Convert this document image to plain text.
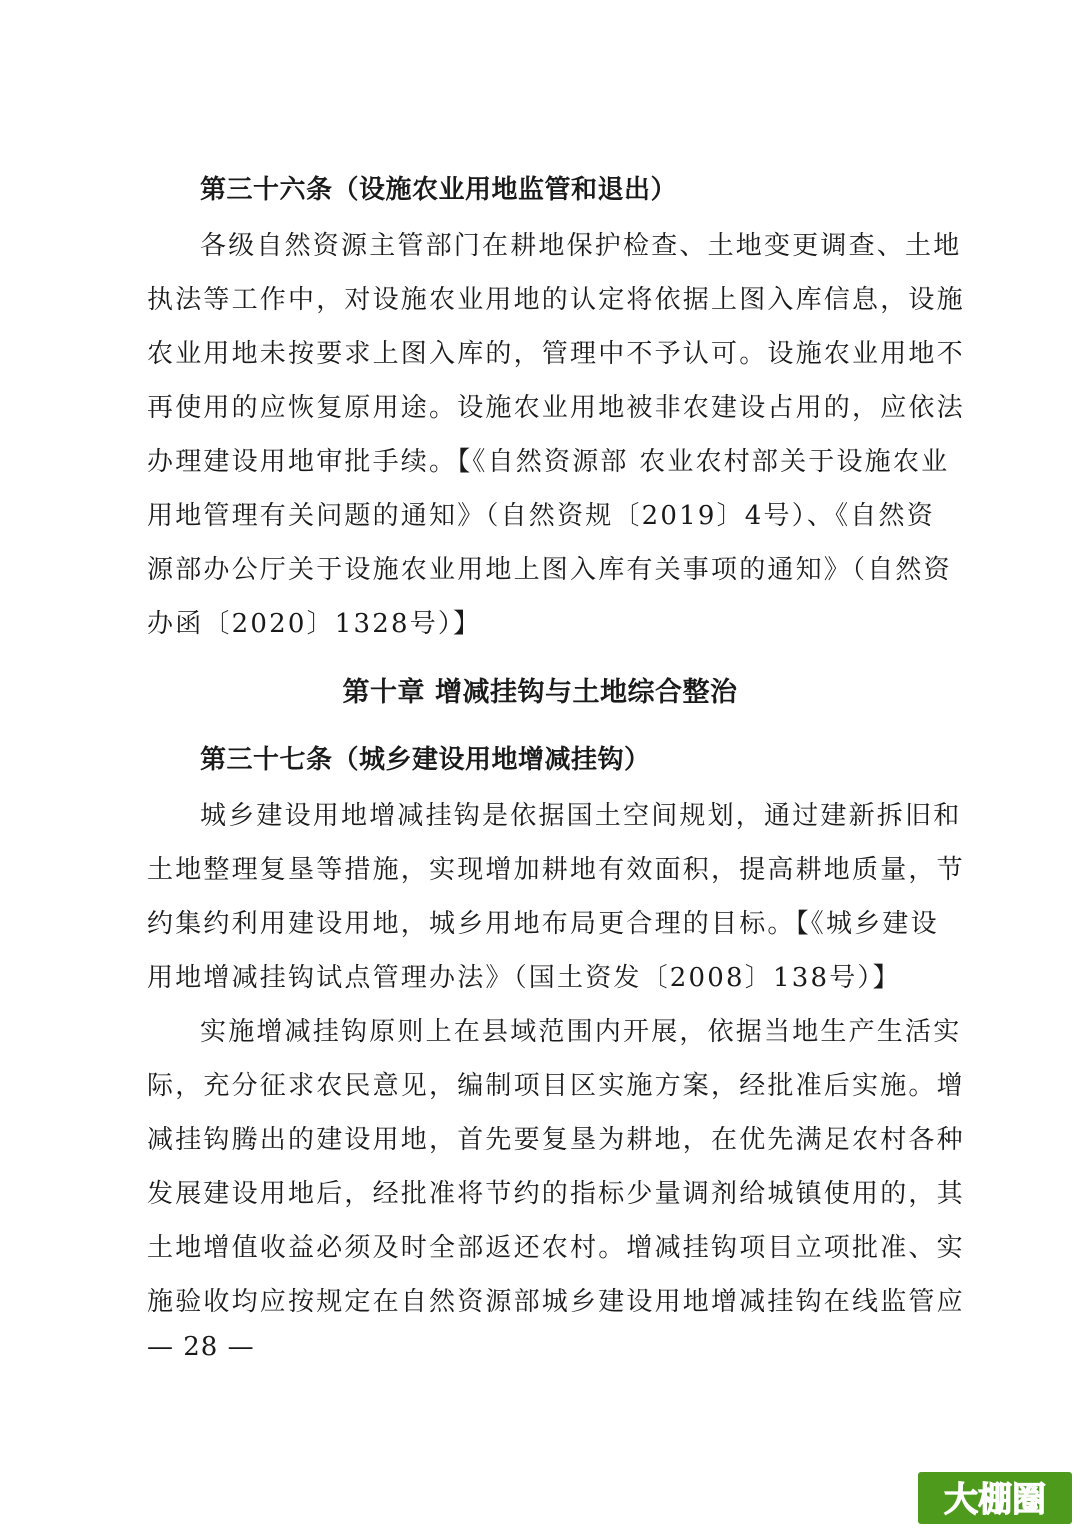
第三十六条（设施农业用地监管和退出）
各级自然资源主管部门在耕地保护检查、土地变更调查、土地
执法等工作中，对设施农业用地的认定将依据上图入库信息，设施
农业用地未按要求上图入库的，管理中不予认可。设施农业用地不
再使用的应恢复原用途。设施农业用地被非农建设占用的，应依法
办理建设用地审批手续。【《自然资源部 农业农村部关于设施农业
用地管理有关问题的通知》（自然资规〔2019〕4号）、《自然资
源部办公厅关于设施农业用地上图入库有关事项的通知》（自然资
办函〔2020〕1328号）】
第十章 增减挂钩与土地综合整治
第三十七条（城乡建设用地增减挂钩）
城乡建设用地增减挂钩是依据国土空间规划，通过建新拆旧和
土地整理复垦等措施，实现增加耕地有效面积，提高耕地质量，节
约集约利用建设用地，城乡用地布局更合理的目标。【《城乡建设
用地增减挂钩试点管理办法》（国土资发〔2008〕138号）】
实施增减挂钩原则上在县域范围内开展，依据当地生产生活实
际，充分征求农民意见，编制项目区实施方案，经批准后实施。增
减挂钩腾出的建设用地，首先要复垦为耕地，在优先满足农村各种
发展建设用地后，经批准将节约的指标少量调剂给城镇使用的，其
土地增值收益必须及时全部返还农村。增减挂钩项目立项批准、实
施验收均应按规定在自然资源部城乡建设用地增减挂钩在线监管应
— 28 —
大棚圈
